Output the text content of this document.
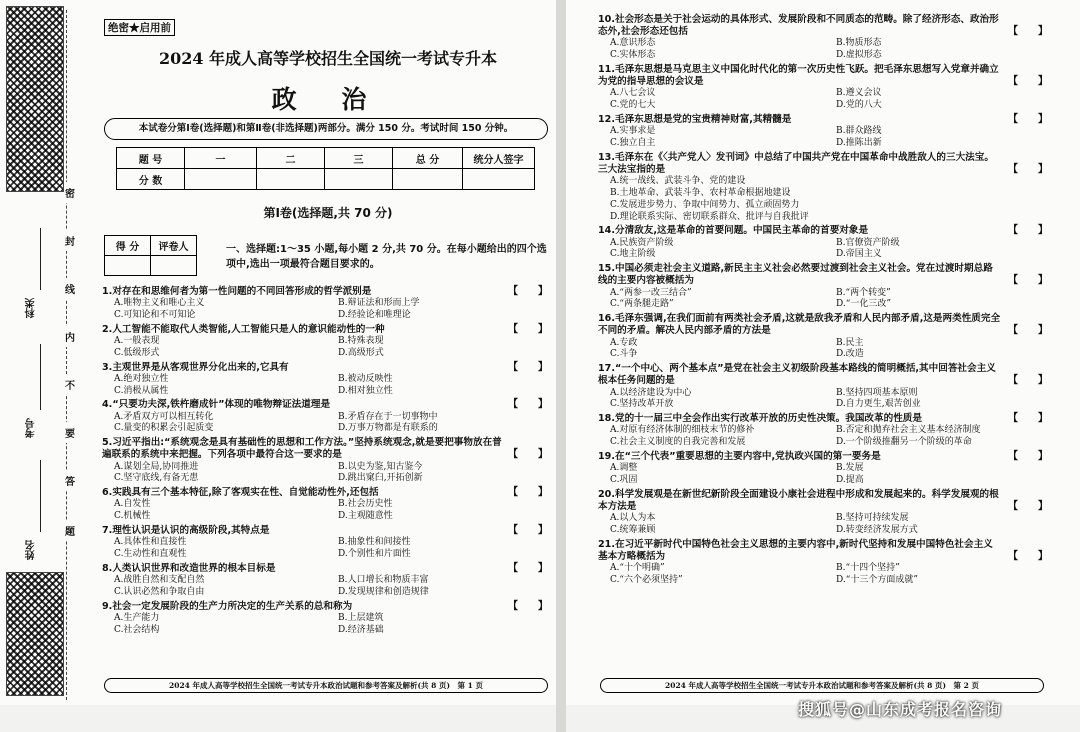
科类
考号
姓名
密
封
线
内
不
要
答
题
绝密★启用前
2024 年成人高等学校招生全国统一考试专升本
政 治
本试卷分第Ⅰ卷(选择题)和第Ⅱ卷(非选择题)两部分。满分 150 分。考试时间 150 分钟。
题 号	一	二	三	总 分	统分人签字
分 数					
第Ⅰ卷(选择题,共 70 分)
得 分	评卷人
		一、选择题:1～35 小题,每小题 2 分,共 70 分。在每小题给出的四个选项中,选出一项最符合题目要求的。
1.对存在和思维何者为第一性问题的不同回答形成的哲学派别是	【　　】
A.唯物主义和唯心主义	B.辩证法和形而上学
C.可知论和不可知论	D.经验论和唯理论
2.人工智能不能取代人类智能,人工智能只是人的意识能动性的一种	【　　】
A.一般表现	B.特殊表现
C.低级形式	D.高级形式
3.主观世界是从客观世界分化出来的,它具有	【　　】
A.绝对独立性	B.被动反映性
C.消极从属性	D.相对独立性
4.“只要功夫深,铁杵磨成针”体现的唯物辩证法道理是	【　　】
A.矛盾双方可以相互转化	B.矛盾存在于一切事物中
C.量变的积累会引起质变	D.万事万物都是有联系的
5.习近平指出:“系统观念是具有基础性的思想和工作方法。”坚持系统观念,就是要把事物放在普遍联系的系统中来把握。下列各项中最符合这一要求的是	【　　】
A.谋划全局,协同推进	B.以史为鉴,知古鉴今
C.坚守底线,有备无患	D.跳出窠臼,开拓创新
6.实践具有三个基本特征,除了客观实在性、自觉能动性外,还包括	【　　】
A.自发性	B.社会历史性
C.机械性	D.主观随意性
7.理性认识是认识的高级阶段,其特点是	【　　】
A.具体性和直接性	B.抽象性和间接性
C.生动性和直观性	D.个别性和片面性
8.人类认识世界和改造世界的根本目标是	【　　】
A.战胜自然和支配自然	B.人口增长和物质丰富
C.认识必然和争取自由	D.发现规律和创造规律
9.社会一定发展阶段的生产力所决定的生产关系的总和称为	【　　】
A.生产能力	B.上层建筑
C.社会结构	D.经济基础
2024 年成人高等学校招生全国统一考试专升本政治试题和参考答案及解析(共 8 页)　第 1 页
10.社会形态是关于社会运动的具体形式、发展阶段和不同质态的范畴。除了经济形态、政治形态外,社会形态还包括	【　　】
A.意识形态	B.物质形态
C.实体形态	D.虚拟形态
11.毛泽东思想是马克思主义中国化时代化的第一次历史性飞跃。把毛泽东思想写入党章并确立为党的指导思想的会议是	【　　】
A.八七会议	B.遵义会议
C.党的七大	D.党的八大
12.毛泽东思想是党的宝贵精神财富,其精髓是	【　　】
A.实事求是	B.群众路线
C.独立自主	D.推陈出新
13.毛泽东在《〈共产党人〉发刊词》中总结了中国共产党在中国革命中战胜敌人的三大法宝。三大法宝指的是	【　　】
A.统一战线、武装斗争、党的建设
B.土地革命、武装斗争、农村革命根据地建设
C.发展进步势力、争取中间势力、孤立顽固势力
D.理论联系实际、密切联系群众、批评与自我批评
14.分清敌友,这是革命的首要问题。中国民主革命的首要对象是	【　　】
A.民族资产阶级	B.官僚资产阶级
C.地主阶级	D.帝国主义
15.中国必须走社会主义道路,新民主主义社会必然要过渡到社会主义社会。党在过渡时期总路线的主要内容被概括为	【　　】
A.“两参一改三结合”	B.“两个转变”
C.“两条腿走路”	D.“一化三改”
16.毛泽东强调,在我们面前有两类社会矛盾,这就是敌我矛盾和人民内部矛盾,这是两类性质完全不同的矛盾。解决人民内部矛盾的方法是	【　　】
A.专政	B.民主
C.斗争	D.改造
17.“一个中心、两个基本点”是党在社会主义初级阶段基本路线的简明概括,其中回答社会主义根本任务问题的是	【　　】
A.以经济建设为中心	B.坚持四项基本原则
C.坚持改革开放	D.自力更生,艰苦创业
18.党的十一届三中全会作出实行改革开放的历史性决策。我国改革的性质是	【　　】
A.对原有经济体制的细枝末节的修补	B.否定和抛弃社会主义基本经济制度
C.社会主义制度的自我完善和发展	D.一个阶级推翻另一个阶级的革命
19.在“三个代表”重要思想的主要内容中,党执政兴国的第一要务是	【　　】
A.调整	B.发展
C.巩固	D.提高
20.科学发展观是在新世纪新阶段全面建设小康社会进程中形成和发展起来的。科学发展观的根本方法是	【　　】
A.以人为本	B.坚持可持续发展
C.统筹兼顾	D.转变经济发展方式
21.在习近平新时代中国特色社会主义思想的主要内容中,新时代坚持和发展中国特色社会主义基本方略概括为	【　　】
A.“十个明确”	B.“十四个坚持”
C.“六个必须坚持”	D.“十三个方面成就”
2024 年成人高等学校招生全国统一考试专升本政治试题和参考答案及解析(共 8 页)　第 2 页
搜狐号@山东成考报名咨询
